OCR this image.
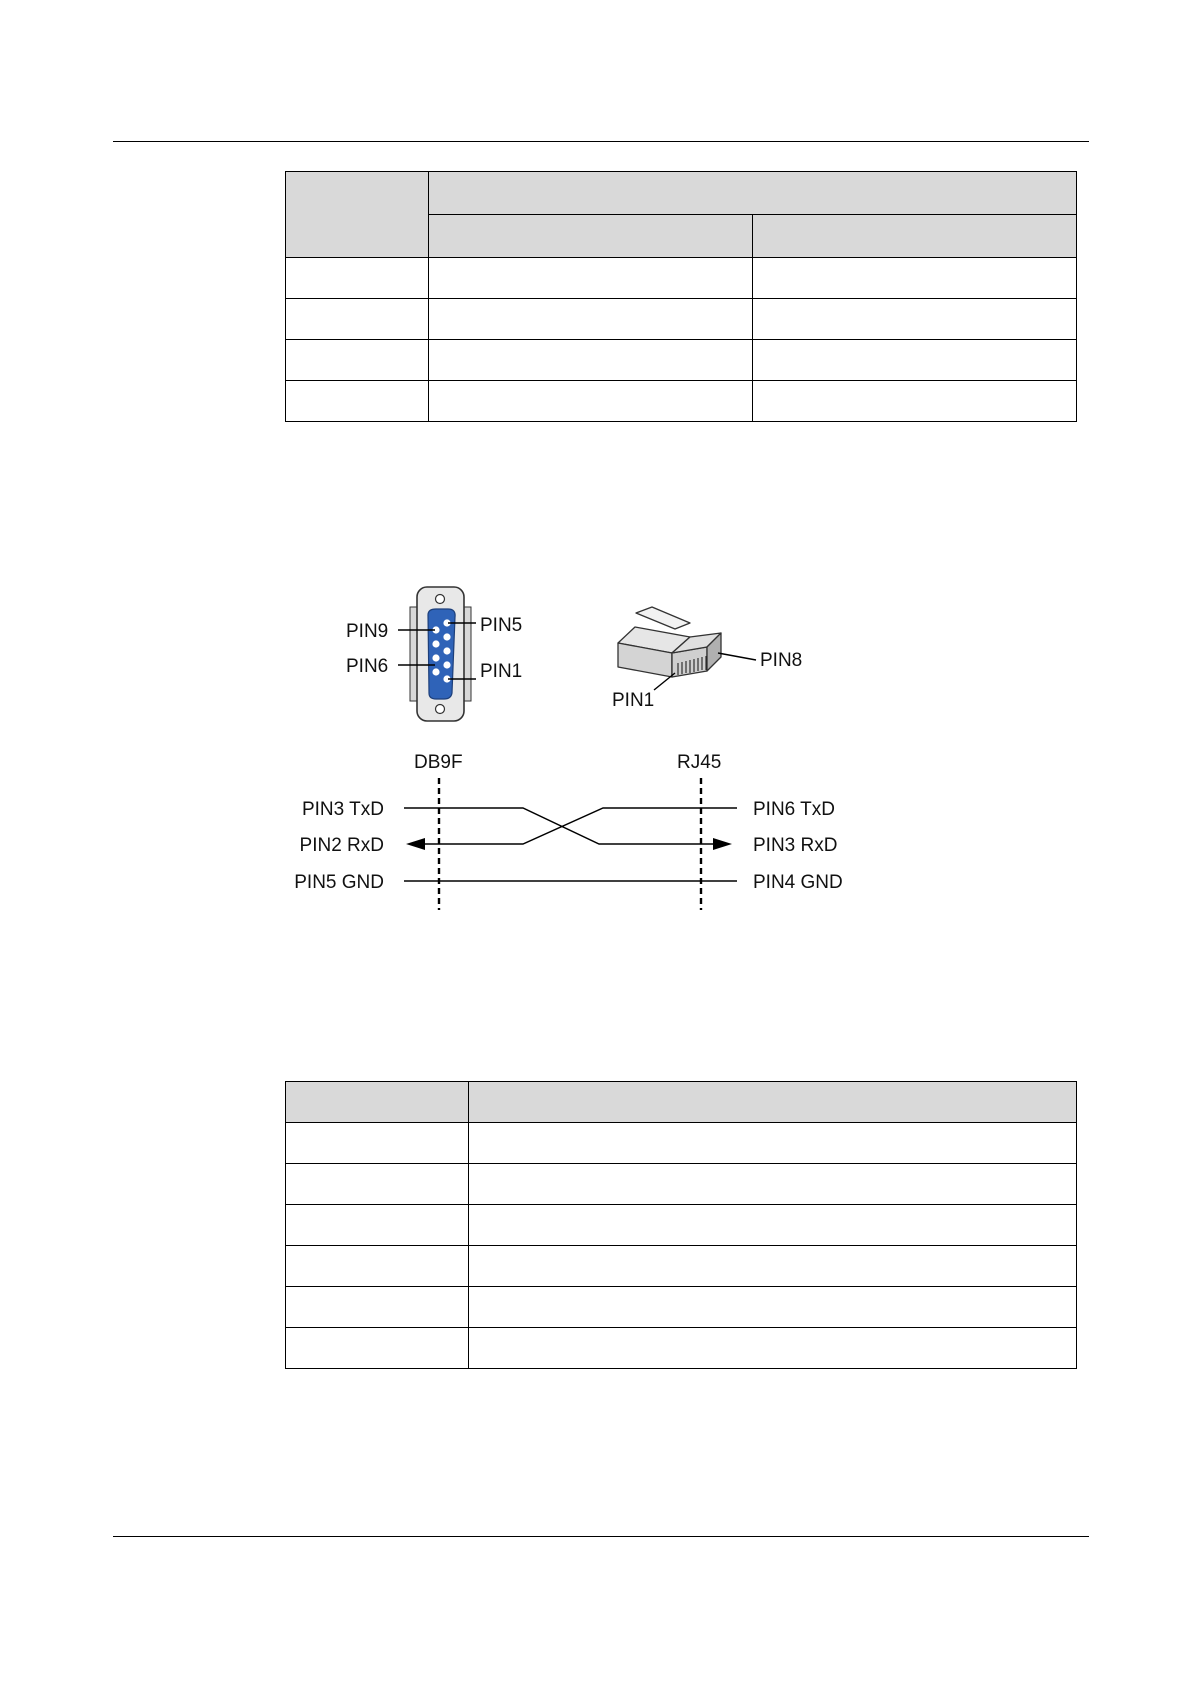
PIN9
PIN6
PIN5
PIN1
PIN1
PIN8
DB9F	RJ45
PIN3 TxD
PIN2 RxD
PIN5 GND
PIN6 TxD
PIN3 RxD
PIN4 GND
